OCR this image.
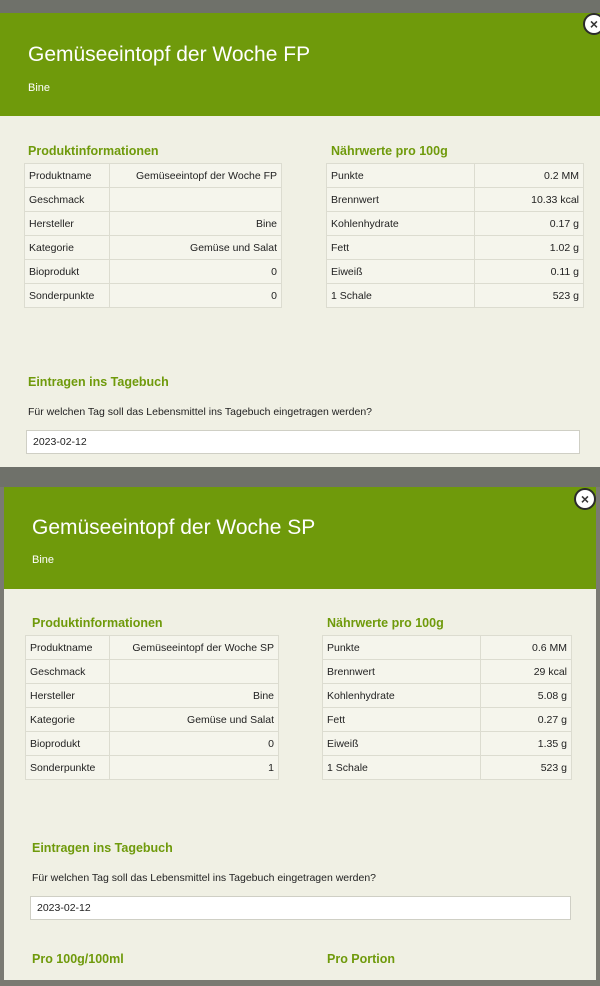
Gemüseeintopf der Woche FP
Bine
Produktinformationen
Produktname	Gemüseeintopf der Woche FP
Geschmack	
Hersteller	Bine
Kategorie	Gemüse und Salat
Bioprodukt	0
Sonderpunkte	0
Nährwerte pro 100g
Punkte	0.2 MM
Brennwert	10.33 kcal
Kohlenhydrate	0.17 g
Fett	1.02 g
Eiweiß	0.11 g
1 Schale	523 g
Eintragen ins Tagebuch
Für welchen Tag soll das Lebensmittel ins Tagebuch eingetragen werden?
2023-02-12
×
Gemüseeintopf der Woche SP
Bine
Produktinformationen
Produktname	Gemüseeintopf der Woche SP
Geschmack	
Hersteller	Bine
Kategorie	Gemüse und Salat
Bioprodukt	0
Sonderpunkte	1
Nährwerte pro 100g
Punkte	0.6 MM
Brennwert	29 kcal
Kohlenhydrate	5.08 g
Fett	0.27 g
Eiweiß	1.35 g
1 Schale	523 g
Eintragen ins Tagebuch
Für welchen Tag soll das Lebensmittel ins Tagebuch eingetragen werden?
2023-02-12
Pro 100g/100ml	Pro Portion
×
